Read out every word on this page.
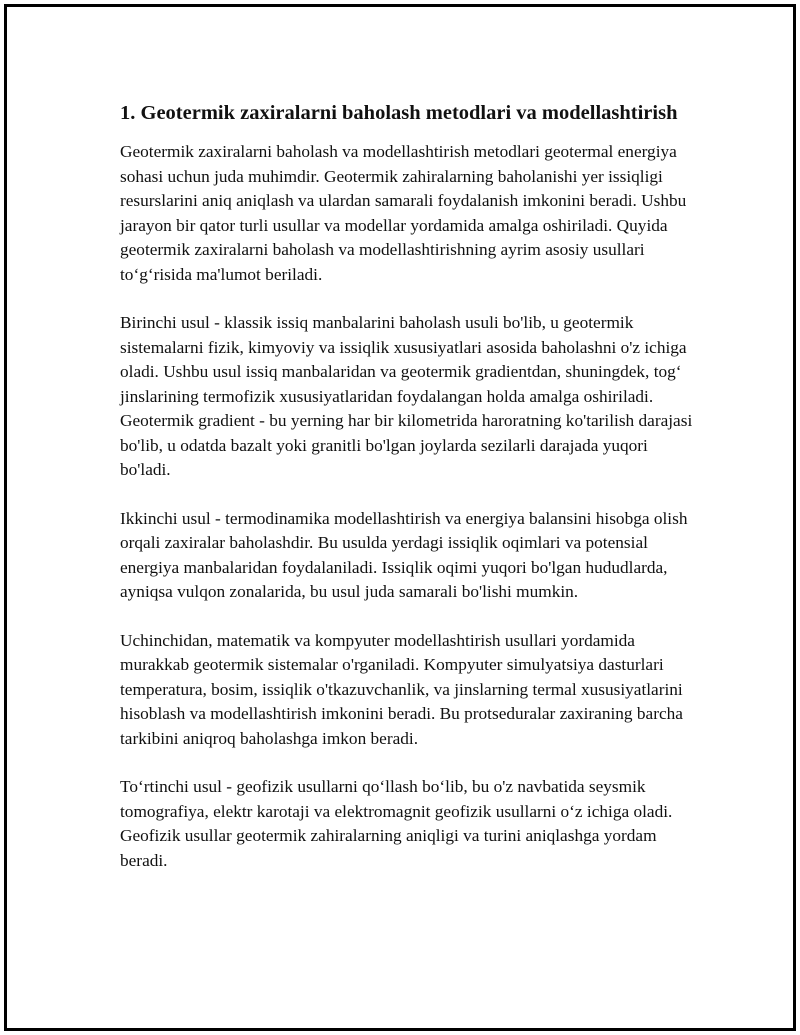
1. Geotermik zaxiralarni baholash metodlari va modellashtirish

Geotermik zaxiralarni baholash va modellashtirish metodlari geotermal energiya sohasi uchun juda muhimdir. Geotermik zahiralarning baholanishi yer issiqligi resurslarini aniq aniqlash va ulardan samarali foydalanish imkonini beradi. Ushbu jarayon bir qator turli usullar va modellar yordamida amalga oshiriladi. Quyida geotermik zaxiralarni baholash va modellashtirishning ayrim asosiy usullari to‘g‘risida ma'lumot beriladi.

Birinchi usul - klassik issiq manbalarini baholash usuli bo'lib, u geotermik sistemalarni fizik, kimyoviy va issiqlik xususiyatlari asosida baholashni o'z ichiga oladi. Ushbu usul issiq manbalaridan va geotermik gradientdan, shuningdek, tog‘ jinslarining termofizik xususiyatlaridan foydalangan holda amalga oshiriladi. Geotermik gradient - bu yerning har bir kilometrida haroratning ko'tarilish darajasi bo'lib, u odatda bazalt yoki granitli bo'lgan joylarda sezilarli darajada yuqori bo'ladi.

Ikkinchi usul - termodinamika modellashtirish va energiya balansini hisobga olish orqali zaxiralar baholashdir. Bu usulda yerdagi issiqlik oqimlari va potensial energiya manbalaridan foydalaniladi. Issiqlik oqimi yuqori bo'lgan hududlarda, ayniqsa vulqon zonalarida, bu usul juda samarali bo'lishi mumkin.

Uchinchidan, matematik va kompyuter modellashtirish usullari yordamida murakkab geotermik sistemalar o'rganiladi. Kompyuter simulyatsiya dasturlari temperatura, bosim, issiqlik o'tkazuvchanlik, va jinslarning termal xususiyatlarini hisoblash va modellashtirish imkonini beradi. Bu protseduralar zaxiraning barcha tarkibini aniqroq baholashga imkon beradi.

To‘rtinchi usul - geofizik usullarni qo‘llash bo‘lib, bu o'z navbatida seysmik tomografiya, elektr karotaji va elektromagnit geofizik usullarni o‘z ichiga oladi. Geofizik usullar geotermik zahiralarning aniqligi va turini aniqlashga yordam beradi.
